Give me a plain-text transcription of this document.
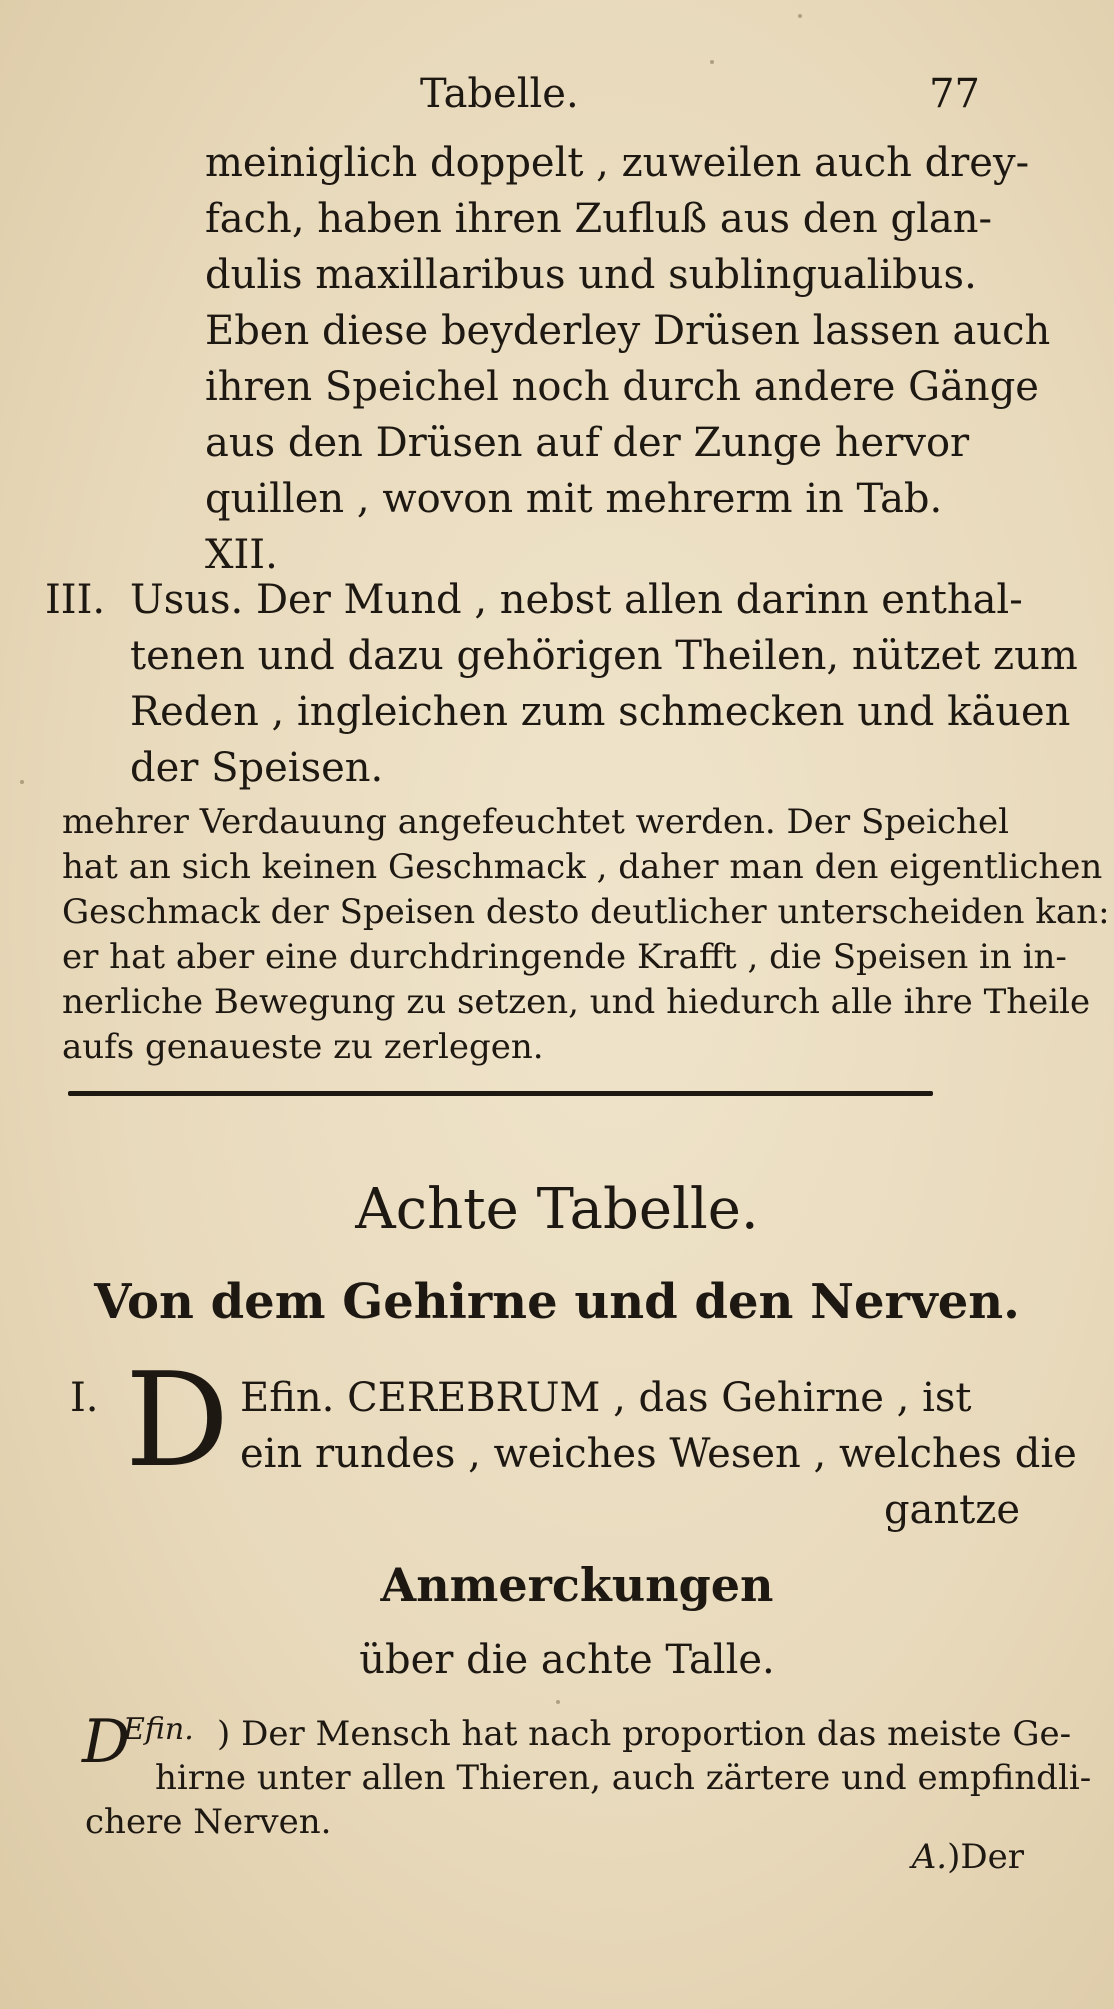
Tabelle.	77
meiniglich doppelt , zuweilen auch drey-
fach, haben ihren Zufluß aus den glan-
dulis maxillaribus und sublingualibus.
Eben diese beyderley Drüsen lassen auch
ihren Speichel noch durch andere Gänge
aus den Drüsen auf der Zunge hervor
quillen , wovon mit mehrerm in Tab.
XII.
III. Usus. Der Mund , nebst allen darinn enthal-
tenen und dazu gehörigen Theilen, nützet zum
Reden , ingleichen zum schmecken und käuen
der Speisen.
mehrer Verdauung angefeuchtet werden. Der Speichel
hat an sich keinen Geschmack , daher man den eigentlichen
Geschmack der Speisen desto deutlicher unterscheiden kan:
er hat aber eine durchdringende Krafft , die Speisen in in-
nerliche Bewegung zu setzen, und hiedurch alle ihre Theile
aufs genaueste zu zerlegen.
Achte Tabelle.
Von dem Gehirne und den Nerven.
I. D Efin. CEREBRUM , das Gehirne , ist
ein rundes , weiches Wesen , welches die
gantze
Anmerckungen
über die achte Talle.
D
Efin. ) Der Mensch hat nach proportion das meiste Ge-
hirne unter allen Thieren, auch zärtere und empfindli-
chere Nerven.
A.)Der
